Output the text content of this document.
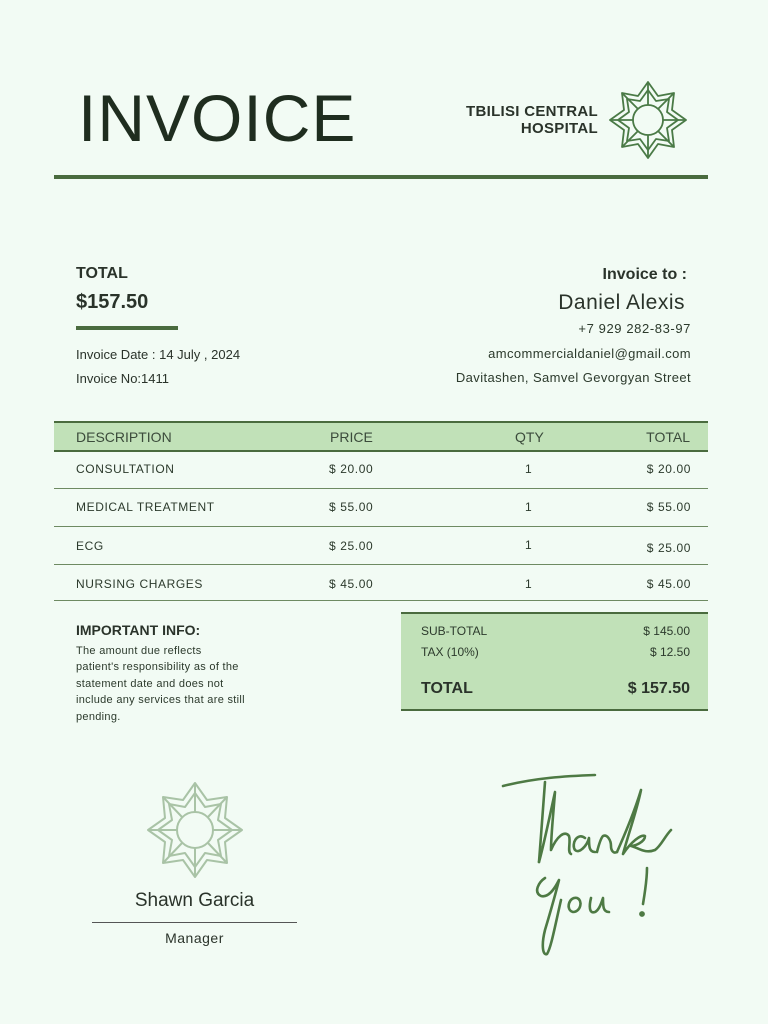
INVOICE	TBILISI CENTRAL
HOSPITAL
TOTAL
$157.50
Invoice Date : 14 July , 2024
Invoice No:1411
Invoice to :
Daniel Alexis
+7 929 282-83-97
amcommercialdaniel@gmail.com
Davitashen, Samvel Gevorgyan Street
DESCRIPTION	PRICE	QTY	TOTAL
CONSULTATION	$ 20.00	1	$ 20.00
MEDICAL TREATMENT	$ 55.00	1	$ 55.00
ECG	$ 25.00	1	$ 25.00
NURSING CHARGES	$ 45.00	1	$ 45.00
IMPORTANT INFO:
The amount due reflects patient's responsibility as of the statement date and does not include any services that are still pending.
SUB-TOTAL	$ 145.00
TAX (10%)	$ 12.50
TOTAL	$ 157.50
Shawn Garcia
Manager
